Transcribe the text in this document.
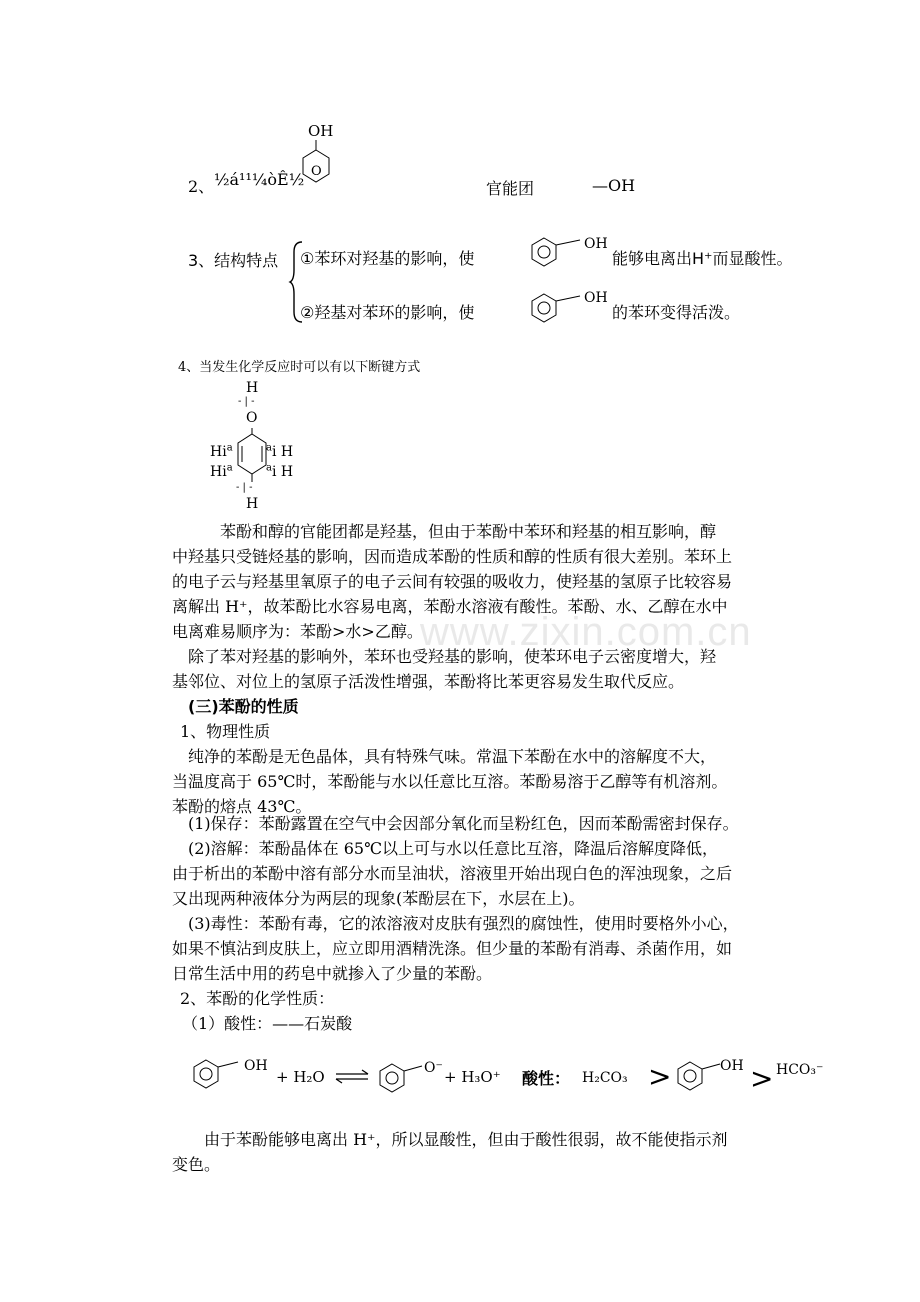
www.zixin.com.cn
OH
O
2、 ½á¹¹¼òÊ½	官能团	—OH
3、结构特点 ①苯环对羟基的影响，使
OH
能够电离出H⁺而显酸性。
②羟基对苯环的影响，使
OH
的苯环变得活泼。
4、当发生化学反应时可以有以下断键方式
H
- | -
O
Hi$^a$
Hi$^a$
$^a$i H
$^a$i H
- | -
H
　　　苯酚和醇的官能团都是羟基，但由于苯酚中苯环和羟基的相互影响，醇
中羟基只受链烃基的影响，因而造成苯酚的性质和醇的性质有很大差别。苯环上
的电子云与羟基里氧原子的电子云间有较强的吸收力，使羟基的氢原子比较容易
离解出 H⁺，故苯酚比水容易电离，苯酚水溶液有酸性。苯酚、水、乙醇在水中
电离难易顺序为：苯酚>水>乙醇。
　除了苯对羟基的影响外，苯环也受羟基的影响，使苯环电子云密度增大，羟
基邻位、对位上的氢原子活泼性增强，苯酚将比苯更容易发生取代反应。
(三)苯酚的性质
1、物理性质
　纯净的苯酚是无色晶体，具有特殊气味。常温下苯酚在水中的溶解度不大，
当温度高于 65℃时，苯酚能与水以任意比互溶。苯酚易溶于乙醇等有机溶剂。
苯酚的熔点 43℃。
　(1)保存：苯酚露置在空气中会因部分氧化而呈粉红色，因而苯酚需密封保存。
　(2)溶解：苯酚晶体在 65℃以上可与水以任意比互溶，降温后溶解度降低，
由于析出的苯酚中溶有部分水而呈油状，溶液里开始出现白色的浑浊现象，之后
又出现两种液体分为两层的现象(苯酚层在下，水层在上)。
　(3)毒性：苯酚有毒，它的浓溶液对皮肤有强烈的腐蚀性，使用时要格外小心，
如果不慎沾到皮肤上，应立即用酒精洗涤。但少量的苯酚有消毒、杀菌作用，如
日常生活中用的药皂中就掺入了少量的苯酚。
2、苯酚的化学性质：
（1）酸性：——石炭酸
OH
+ H₂O ⇌
O⁻ + H₃O⁺ 酸性： H₂CO₃ >	OH > HCO₃⁻
　　由于苯酚能够电离出 H⁺，所以显酸性，但由于酸性很弱，故不能使指示剂
变色。
